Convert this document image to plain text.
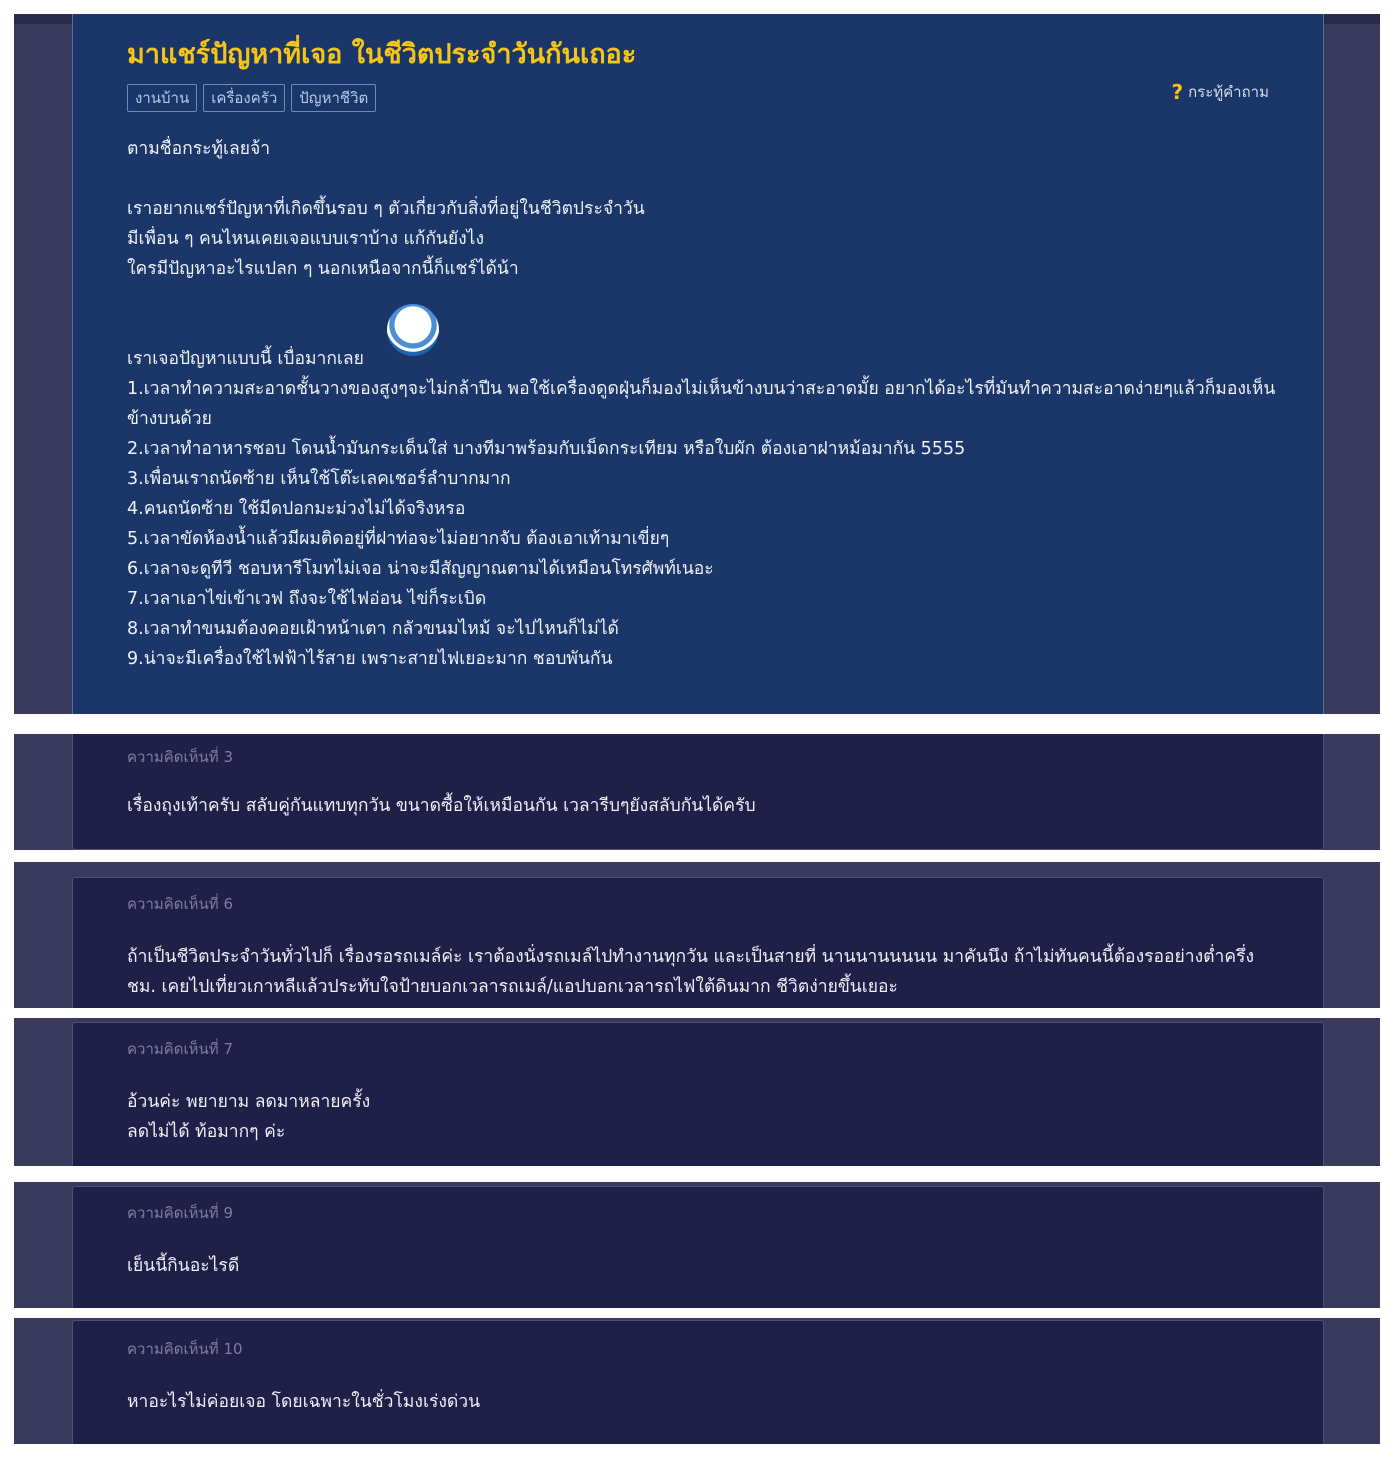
มาแชร์ปัญหาที่เจอ ในชีวิตประจำวันกันเถอะ
งานบ้าน	เครื่องครัว	ปัญหาชีวิต	? กระทู้คำถาม

ตามชื่อกระทู้เลยจ้า

เราอยากแชร์ปัญหาที่เกิดขึ้นรอบ ๆ ตัวเกี่ยวกับสิ่งที่อยู่ในชีวิตประจำวัน

มีเพื่อน ๆ คนไหนเคยเจอแบบเราบ้าง แก้กันยังไง

ใครมีปัญหาอะไรแปลก ๆ นอกเหนือจากนี้ก็แชร์ได้น้า

เราเจอปัญหาแบบนี้ เบื่อมากเลย

1.เวลาทำความสะอาดชั้นวางของสูงๆจะไม่กล้าปีน พอใช้เครื่องดูดฝุ่นก็มองไม่เห็นข้างบนว่าสะอาดมั้ย อยากได้อะไรที่มันทำความสะอาดง่ายๆแล้วก็มองเห็นข้างบนด้วย

2.เวลาทำอาหารชอบ โดนน้ำมันกระเด็นใส่ บางทีมาพร้อมกับเม็ดกระเทียม หรือใบผัก ต้องเอาฝาหม้อมากัน 5555

3.เพื่อนเราถนัดซ้าย เห็นใช้โต๊ะเลคเชอร์ลำบากมาก

4.คนถนัดซ้าย ใช้มีดปอกมะม่วงไม่ได้จริงหรอ

5.เวลาขัดห้องน้ำแล้วมีผมติดอยู่ที่ฝาท่อจะไม่อยากจับ ต้องเอาเท้ามาเขี่ยๆ

6.เวลาจะดูทีวี ชอบหารีโมทไม่เจอ น่าจะมีสัญญาณตามได้เหมือนโทรศัพท์เนอะ

7.เวลาเอาไข่เข้าเวฟ ถึงจะใช้ไฟอ่อน ไข่ก็ระเบิด

8.เวลาทำขนมต้องคอยเฝ้าหน้าเตา กลัวขนมไหม้ จะไปไหนก็ไม่ได้

9.น่าจะมีเครื่องใช้ไฟฟ้าไร้สาย เพราะสายไฟเยอะมาก ชอบพันกัน

ความคิดเห็นที่ 3

เรื่องถุงเท้าครับ สลับคู่กันแทบทุกวัน ขนาดซื้อให้เหมือนกัน เวลารีบๆยังสลับกันได้ครับ

ความคิดเห็นที่ 6

ถ้าเป็นชีวิตประจำวันทั่วไปก็ เรื่องรอรถเมล์ค่ะ เราต้องนั่งรถเมล์ไปทำงานทุกวัน และเป็นสายที่ นานนานนนนน มาคันนึง ถ้าไม่ทันคนนี้ต้องรออย่างต่ำครึ่งชม. เคยไปเที่ยวเกาหลีแล้วประทับใจป้ายบอกเวลารถเมล์/แอปบอกเวลารถไฟใต้ดินมาก ชีวิตง่ายขึ้นเยอะ

ความคิดเห็นที่ 7

อ้วนค่ะ พยายาม ลดมาหลายครั้ง

ลดไม่ได้ ท้อมากๆ ค่ะ

ความคิดเห็นที่ 9

เย็นนี้กินอะไรดี

ความคิดเห็นที่ 10

หาอะไรไม่ค่อยเจอ โดยเฉพาะในชั่วโมงเร่งด่วน
